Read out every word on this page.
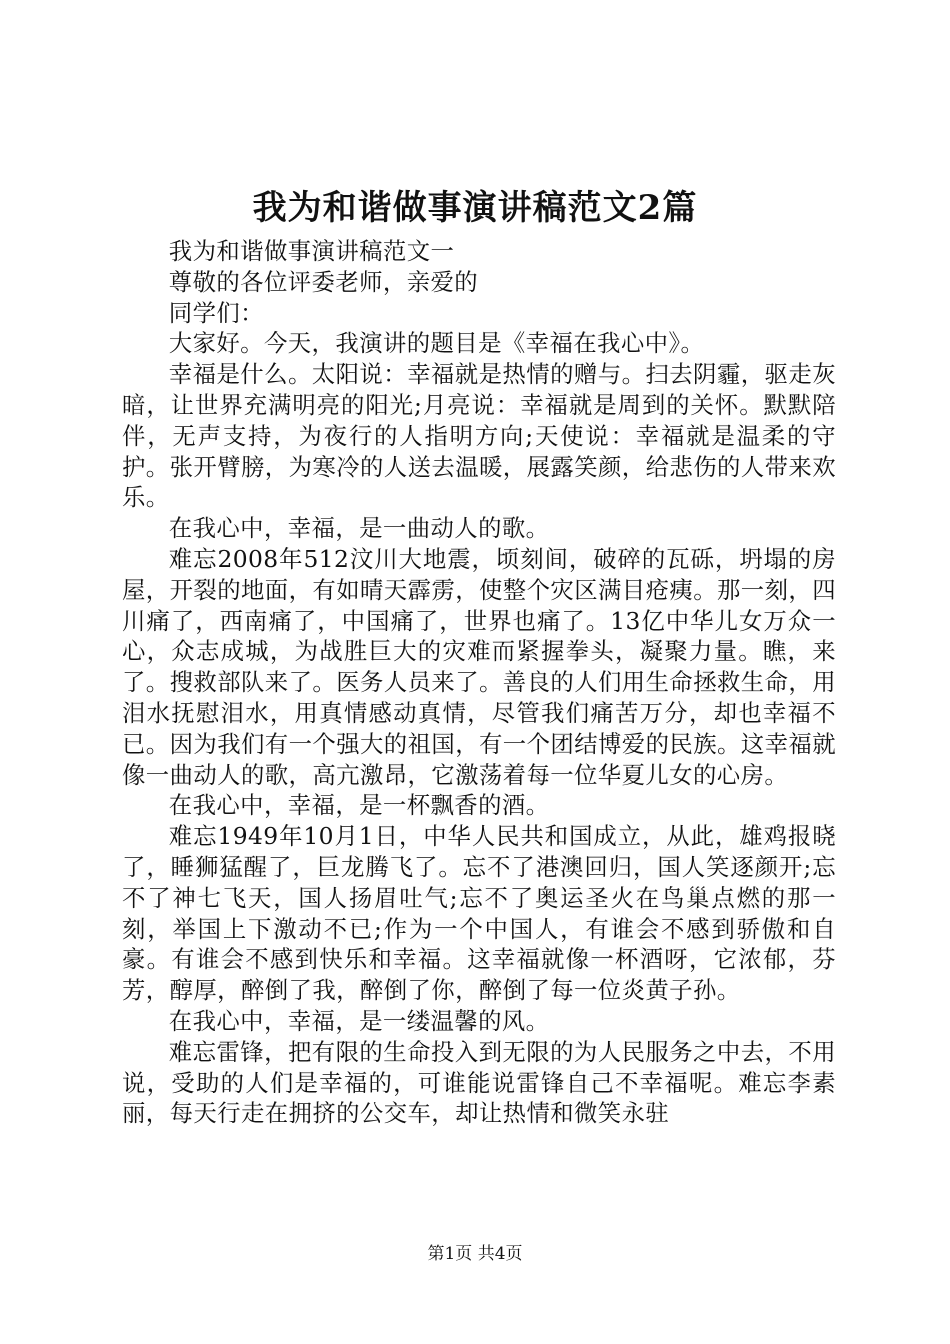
我为和谐做事演讲稿范文2篇

我为和谐做事演讲稿范文一

尊敬的各位评委老师，亲爱的

同学们：

大家好。今天，我演讲的题目是《幸福在我心中》。

幸福是什么。太阳说：幸福就是热情的赠与。扫去阴霾，驱走灰暗，让世界充满明亮的阳光;月亮说：幸福就是周到的关怀。默默陪伴，无声支持，为夜行的人指明方向;天使说：幸福就是温柔的守护。张开臂膀，为寒冷的人送去温暖，展露笑颜，给悲伤的人带来欢乐。

在我心中，幸福，是一曲动人的歌。

难忘2008年512汶川大地震，顷刻间，破碎的瓦砾，坍塌的房屋，开裂的地面，有如晴天霹雳，使整个灾区满目疮痍。那一刻，四川痛了，西南痛了，中国痛了，世界也痛了。13亿中华儿女万众一心，众志成城，为战胜巨大的灾难而紧握拳头，凝聚力量。瞧，来了。搜救部队来了。医务人员来了。善良的人们用生命拯救生命，用泪水抚慰泪水，用真情感动真情，尽管我们痛苦万分，却也幸福不已。因为我们有一个强大的祖国，有一个团结博爱的民族。这幸福就像一曲动人的歌，高亢激昂，它激荡着每一位华夏儿女的心房。

在我心中，幸福，是一杯飘香的酒。

难忘1949年10月1日，中华人民共和国成立，从此，雄鸡报晓了，睡狮猛醒了，巨龙腾飞了。忘不了港澳回归，国人笑逐颜开;忘不了神七飞天，国人扬眉吐气;忘不了奥运圣火在鸟巢点燃的那一刻，举国上下激动不已;作为一个中国人，有谁会不感到骄傲和自豪。有谁会不感到快乐和幸福。这幸福就像一杯酒呀，它浓郁，芬芳，醇厚，醉倒了我，醉倒了你，醉倒了每一位炎黄子孙。

在我心中，幸福，是一缕温馨的风。

难忘雷锋，把有限的生命投入到无限的为人民服务之中去，不用说，受助的人们是幸福的，可谁能说雷锋自己不幸福呢。难忘李素丽，每天行走在拥挤的公交车，却让热情和微笑永驻

第1页 共4页
